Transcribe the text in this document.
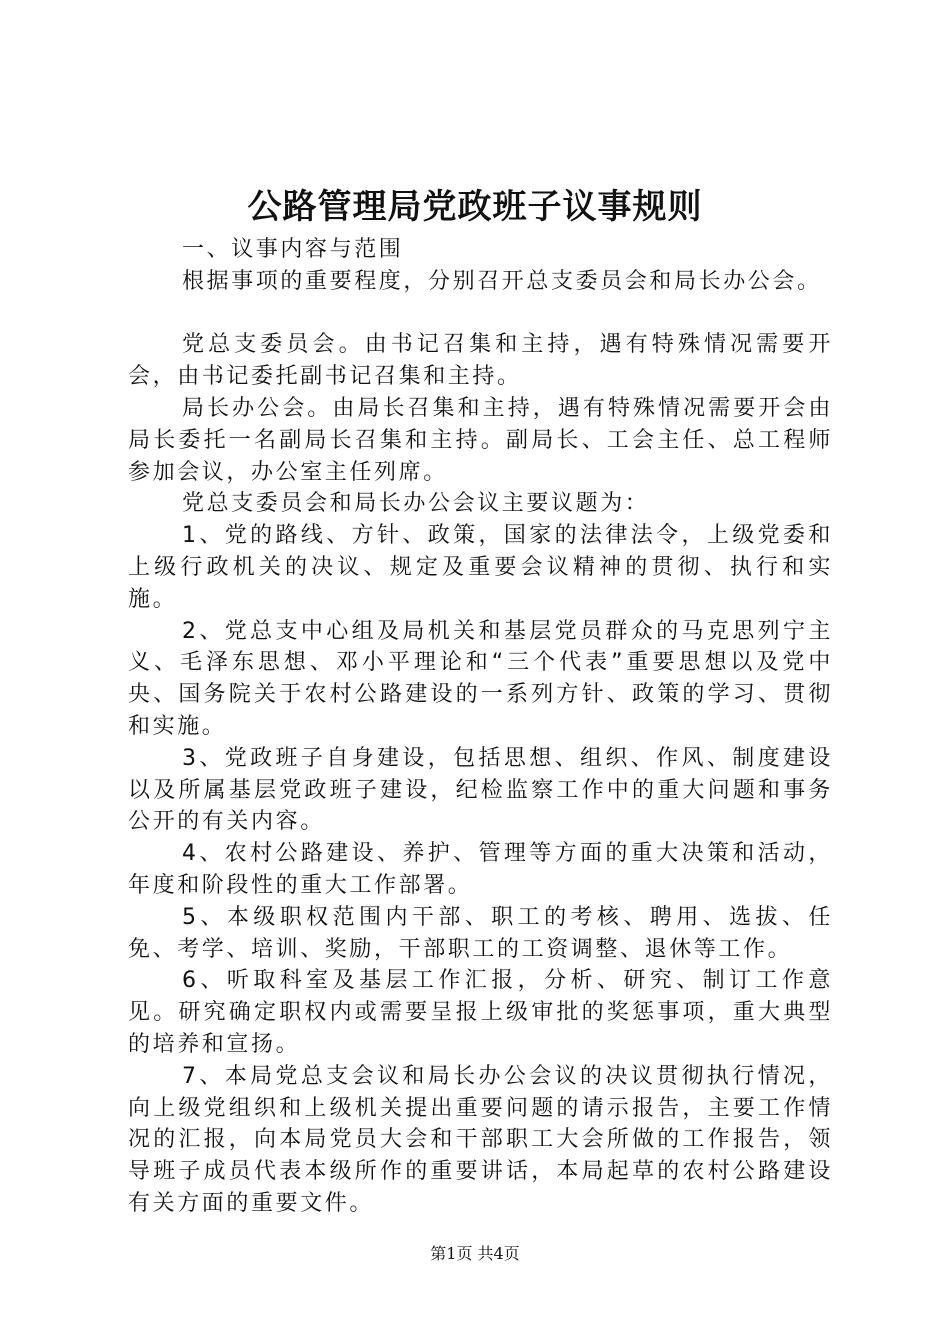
公路管理局党政班子议事规则

一、议事内容与范围

根据事项的重要程度，分别召开总支委员会和局长办公会。

党总支委员会。由书记召集和主持，遇有特殊情况需要开会，由书记委托副书记召集和主持。

局长办公会。由局长召集和主持，遇有特殊情况需要开会由局长委托一名副局长召集和主持。副局长、工会主任、总工程师参加会议，办公室主任列席。

党总支委员会和局长办公会议主要议题为：

1、党的路线、方针、政策，国家的法律法令，上级党委和上级行政机关的决议、规定及重要会议精神的贯彻、执行和实施。

2、党总支中心组及局机关和基层党员群众的马克思列宁主义、毛泽东思想、邓小平理论和“三个代表”重要思想以及党中央、国务院关于农村公路建设的一系列方针、政策的学习、贯彻和实施。

3、党政班子自身建设，包括思想、组织、作风、制度建设以及所属基层党政班子建设，纪检监察工作中的重大问题和事务公开的有关内容。

4、农村公路建设、养护、管理等方面的重大决策和活动，年度和阶段性的重大工作部署。

5、本级职权范围内干部、职工的考核、聘用、选拔、任免、考学、培训、奖励，干部职工的工资调整、退休等工作。

6、听取科室及基层工作汇报，分析、研究、制订工作意见。研究确定职权内或需要呈报上级审批的奖惩事项，重大典型的培养和宣扬。

7、本局党总支会议和局长办公会议的决议贯彻执行情况，向上级党组织和上级机关提出重要问题的请示报告，主要工作情况的汇报，向本局党员大会和干部职工大会所做的工作报告，领导班子成员代表本级所作的重要讲话，本局起草的农村公路建设有关方面的重要文件。

第1页 共4页
